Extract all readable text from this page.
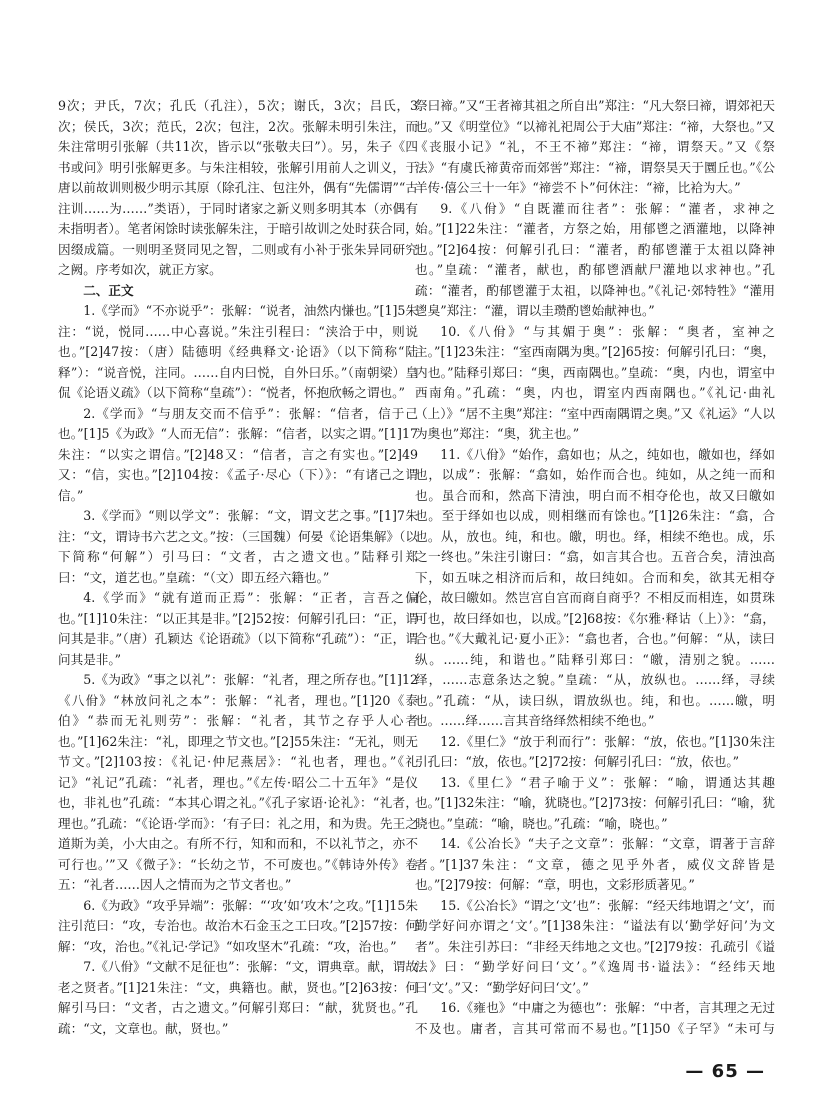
9次；尹氏，7次；孔氏（孔注），5次；谢氏，3次；吕氏，3次；侯氏，3次；范氏，2次；包注，2次。张解未明引朱注，而朱注常明引张解（共11次，皆示以“张敬夫曰”）。另，朱子《四书或问》明引张解更多。与朱注相较，张解引用前人之训义，于唐以前故训则极少明示其原（除孔注、包注外，偶有“先儒谓”“古注训……为……”类语），于同时诸家之新义则多明其本（亦偶有未指明者）。笔者闲馀时读张解朱注，于暗引故训之处时获合同，因缀成篇。一则明圣贤同见之智，二则或有小补于张朱异同研究之阙。序考如次，就正方家。

二、正文

1.《学而》“不亦说乎”：张解：“说者，油然内慊也。”[1]5朱注：“说，悦同……中心喜说。”朱注引程曰：“浃洽于中，则说也。”[2]47按：（唐）陆德明《经典释文·论语》（以下简称“陆释”）：“说音悦，注同。……自内曰悦，自外曰乐。”（南朝梁）皇侃《论语义疏》（以下简称“皇疏”）：“悦者，怀抱欣畅之谓也。”

2.《学而》“与朋友交而不信乎”：张解：“信者，信于己也。”[1]5《为政》“人而无信”：张解：“信者，以实之谓。”[1]17朱注：“以实之谓信。”[2]48又：“信者，言之有实也。”[2]49又：“信，实也。”[2]104按：《孟子·尽心（下）》：“有诸己之谓信。”

3.《学而》“则以学文”：张解：“文，谓文艺之事。”[1]7朱注：“文，谓诗书六艺之文。”按：（三国魏）何晏《论语集解》（以下简称“何解”）引马曰：“文者，古之遗文也。”陆释引郑曰：“文，道艺也。”皇疏：“（文）即五经六籍也。”

4.《学而》“就有道而正焉”：张解：“正者，言吾之偏也。”[1]10朱注：“以正其是非。”[2]52按：何解引孔曰：“正，谓问其是非。”（唐）孔颖达《论语疏》（以下简称“孔疏”）：“正，谓问其是非。”

5.《为政》“事之以礼”：张解：“礼者，理之所存也。”[1]12《八佾》“林放问礼之本”：张解：“礼者，理也。”[1]20《泰伯》“恭而无礼则劳”：张解：“礼者，其节之存乎人心者也。”[1]62朱注：“礼，即理之节文也。”[2]55朱注：“无礼，则无节文。”[2]103按：《礼记·仲尼燕居》：“礼也者，理也。”《礼记》“礼记”孔疏：“礼者，理也。”《左传·昭公二十五年》“是仪也，非礼也”孔疏：“本其心谓之礼。”《孔子家语·论礼》：“礼者，理也。”孔疏：“《论语·学而》：‘有子曰：礼之用，和为贵。先王之道斯为美，小大由之。有所不行，知和而和，不以礼节之，亦不可行也。’”又《微子》：“长幼之节，不可废也。”《韩诗外传》卷五：“礼者……因人之情而为之节文者也。”

6.《为政》“攻乎异端”：张解：“‘攻’如‘攻木’之攻。”[1]15朱注引范曰：“攻，专治也。故治木石金玉之工曰攻。”[2]57按：何解：“攻，治也。”《礼记·学记》“如攻坚木”孔疏：“攻，治也。”

7.《八佾》“文献不足征也”：张解：“文，谓典章。献，谓故老之贤者。”[1]21朱注：“文，典籍也。献，贤也。”[2]63按：何解引马曰：“文者，古之遗文。”何解引郑曰：“献，犹贤也。”孔疏：“文，文章也。献，贤也。”

祭曰禘。”又“王者禘其祖之所自出”郑注：“凡大祭曰禘，谓郊祀天也。”又《明堂位》“以禘礼祀周公于大庙”郑注：“禘，大祭也。”又《丧服小记》“礼，不王不禘”郑注：“禘，谓祭天。”又《祭法》“有虞氏禘黄帝而郊喾”郑注：“禘，谓祭昊天于圜丘也。”《公羊传·僖公三十一年》“禘尝不卜”何休注：“禘，比袷为大。”

9.《八佾》“自既灌而往者”：张解：“灌者，求神之始。”[1]22朱注：“灌者，方祭之始，用郁鬯之酒灌地，以降神也。”[2]64按：何解引孔曰：“灌者，酌郁鬯灌于太祖以降神也。”皇疏：“灌者，献也，酌郁鬯酒献尸灌地以求神也。”孔疏：“灌者，酌郁鬯灌于太祖，以降神也。”《礼记·郊特牲》“灌用鬯臭”郑注：“灌，谓以圭瓒酌鬯始献神也。”

10.《八佾》“与其媚于奥”：张解：“奥者，室神之主。”[1]23朱注：“室西南隅为奥。”[2]65按：何解引孔曰：“奥，内也。”陆释引郑曰：“奥，西南隅也。”皇疏：“奥，内也，谓室中西南角。”孔疏：“奥，内也，谓室内西南隅也。”《礼记·曲礼（上）》“居不主奥”郑注：“室中西南隅谓之奥。”又《礼运》“人以为奥也”郑注：“奥，犹主也。”

11.《八佾》“始作，翕如也；从之，纯如也，皦如也，绎如也，以成”：张解：“翕如，始作而合也。纯如，从之纯一而和也。虽合而和，然高下清浊，明白而不相夺伦也，故又曰皦如也。至于绎如也以成，则相继而有馀也。”[1]26朱注：“翕，合也。从，放也。纯，和也。皦，明也。绎，相续不绝也。成，乐之一终也。”朱注引谢曰：“翕，如言其合也。五音合矣，清浊高下，如五味之相济而后和，故曰纯如。合而和矣，欲其无相夺伦，故曰皦如。然岂宫自宫而商自商乎？不相反而相连，如贯珠可也，故曰绎如也，以成。”[2]68按：《尔雅·释诂（上）》：“翕，合也。”《大戴礼记·夏小正》：“翕也者，合也。”何解：“从，读曰纵。……纯，和谐也。”陆释引郑曰：“皦，清别之貌。……绎，……志意条达之貌。”皇疏：“从，放纵也。……绎，寻续也。”孔疏：“从，读曰纵，谓放纵也。纯，和也。……皦，明也。……绎……言其音络绎然相续不绝也。”

12.《里仁》“放于利而行”：张解：“放，依也。”[1]30朱注引孔曰：“放，依也。”[2]72按：何解引孔曰：“放，依也。”

13.《里仁》“君子喻于义”：张解：“喻，谓通达其趣也。”[1]32朱注：“喻，犹晓也。”[2]73按：何解引孔曰：“喻，犹晓也。”皇疏：“喻，晓也。”孔疏：“喻，晓也。”

14.《公冶长》“夫子之文章”：张解：“文章，谓著于言辞者。”[1]37朱注：“文章，德之见乎外者，威仪文辞皆是也。”[2]79按：何解：“章，明也，文彩形质著见。”

15.《公冶长》“谓之‘文’也”：张解：“经天纬地谓之‘文’，而勤学好问亦谓之‘文’。”[1]38朱注：“谥法有以‘勤学好问’为文者”。朱注引苏曰：“非经天纬地之文也。”[2]79按：孔疏引《谥法》曰：“勤学好问曰‘文’。”《逸周书·谥法》：“经纬天地曰‘文’。”又：“勤学好问曰‘文’。”

16.《雍也》“中庸之为德也”：张解：“中者，言其理之无过不及也。庸者，言其可常而不易也。”[1]50《子罕》“未可与

— 65 —
